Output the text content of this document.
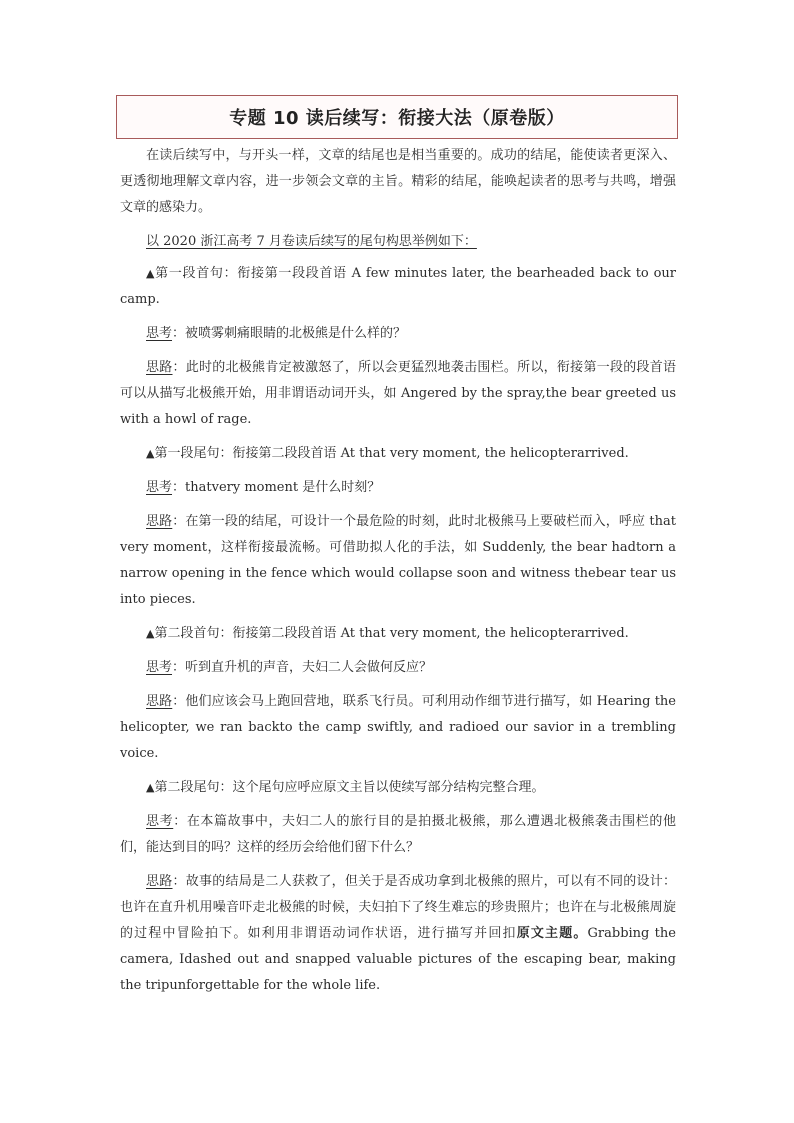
专题 10 读后续写：衔接大法（原卷版）

在读后续写中，与开头一样，文章的结尾也是相当重要的。成功的结尾，能使读者更深入、更透彻地理解文章内容，进一步领会文章的主旨。精彩的结尾，能唤起读者的思考与共鸣，增强文章的感染力。

以 2020 浙江高考 7 月卷读后续写的尾句构思举例如下：

▲第一段首句：衔接第一段段首语 A few minutes later, the bearheaded back to our camp.

思考：被喷雾刺痛眼睛的北极熊是什么样的？

思路：此时的北极熊肯定被激怒了，所以会更猛烈地袭击围栏。所以，衔接第一段的段首语可以从描写北极熊开始，用非谓语动词开头，如 Angered by the spray,the bear greeted us with a howl of rage.

▲第一段尾句：衔接第二段段首语 At that very moment, the helicopterarrived.

思考：thatvery moment 是什么时刻？

思路：在第一段的结尾，可设计一个最危险的时刻，此时北极熊马上要破栏而入，呼应 that very moment，这样衔接最流畅。可借助拟人化的手法，如 Suddenly, the bear hadtorn a narrow opening in the fence which would collapse soon and witness thebear tear us into pieces.

▲第二段首句：衔接第二段段首语 At that very moment, the helicopterarrived.

思考：听到直升机的声音，夫妇二人会做何反应？

思路：他们应该会马上跑回营地，联系飞行员。可利用动作细节进行描写，如 Hearing the helicopter, we ran backto the camp swiftly, and radioed our savior in a trembling voice.

▲第二段尾句：这个尾句应呼应原文主旨以使续写部分结构完整合理。

思考：在本篇故事中，夫妇二人的旅行目的是拍摄北极熊，那么遭遇北极熊袭击围栏的他们，能达到目的吗？这样的经历会给他们留下什么？

思路：故事的结局是二人获救了，但关于是否成功拿到北极熊的照片，可以有不同的设计：也许在直升机用噪音吓走北极熊的时候，夫妇拍下了终生难忘的珍贵照片；也许在与北极熊周旋的过程中冒险拍下。如利用非谓语动词作状语，进行描写并回扣原文主题。Grabbing the camera, Idashed out and snapped valuable pictures of the escaping bear, making the tripunforgettable for the whole life.
